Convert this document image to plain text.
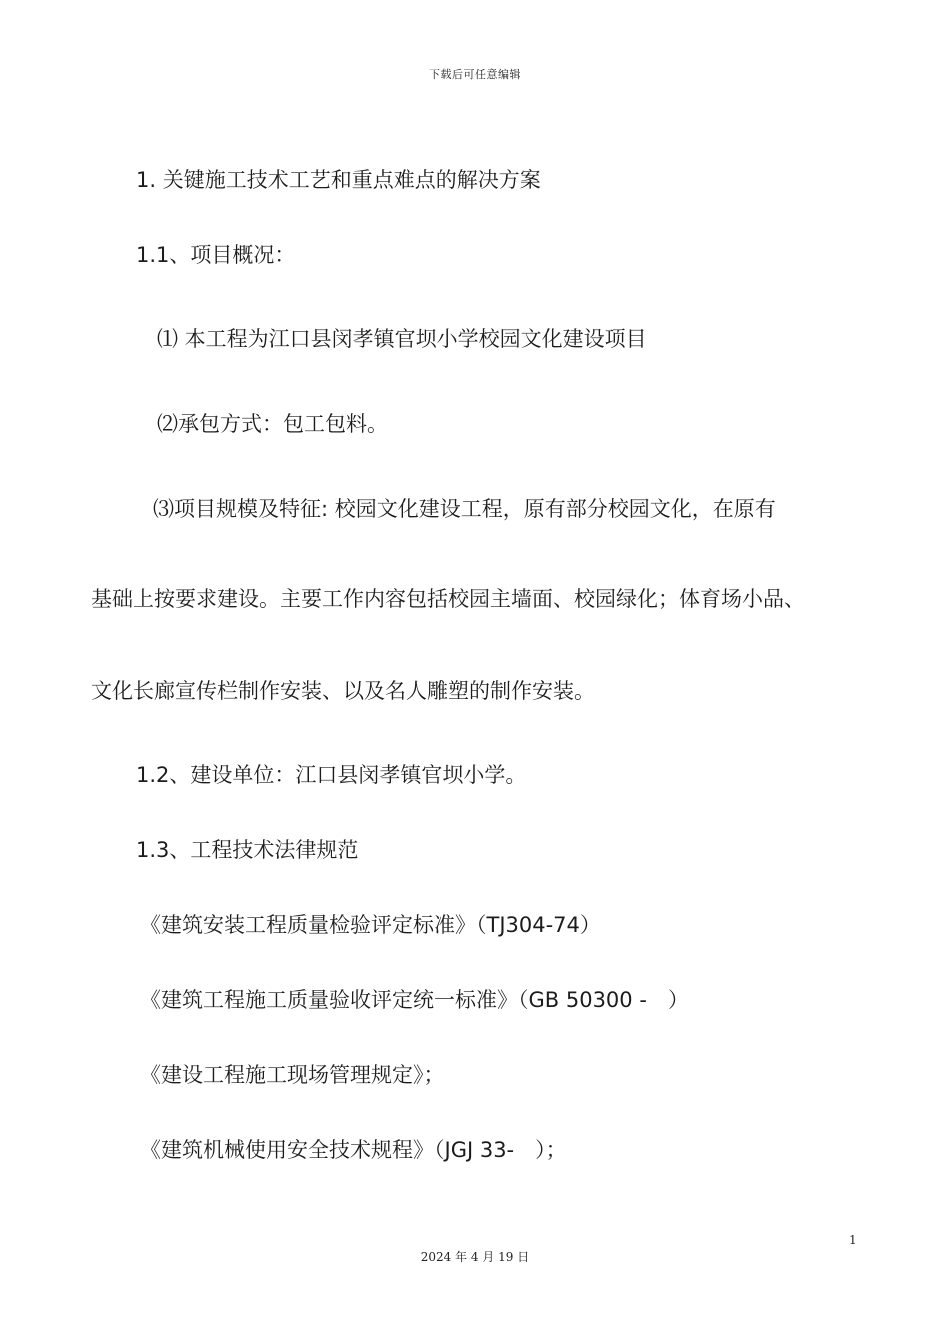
下载后可任意编辑
1. 关键施工技术工艺和重点难点的解决方案
1.1、项目概况：
⑴ 本工程为江口县闵孝镇官坝小学校园文化建设项目
⑵承包方式：包工包料。
⑶项目规模及特征: 校园文化建设工程，原有部分校园文化，在原有
基础上按要求建设。主要工作内容包括校园主墙面、校园绿化；体育场小品、
文化长廊宣传栏制作安装、以及名人雕塑的制作安装。
1.2、建设单位：江口县闵孝镇官坝小学。
1.3、工程技术法律规范
《建筑安装工程质量检验评定标准》（TJ304-74）
《建筑工程施工质量验收评定统一标准》（GB 50300 -　）
《建设工程施工现场管理规定》；
《建筑机械使用安全技术规程》（JGJ 33-　）；
1
2024 年 4 月 19 日
